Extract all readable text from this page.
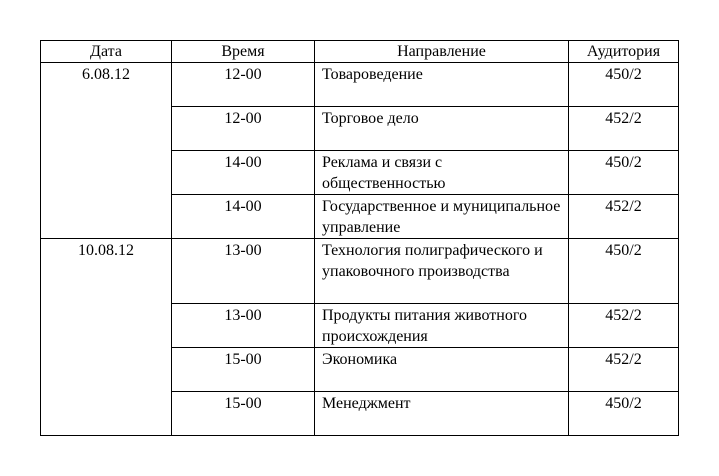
Дата	Время	Направление	Аудитория
6.08.12	12-00	Товароведение	450/2
	12-00	Торговое дело	452/2
	14-00	Реклама и связи с общественностью	450/2
	14-00	Государственное и муниципальное управление	452/2
10.08.12	13-00	Технология полиграфического и упаковочного производства	450/2
	13-00	Продукты питания животного происхождения	452/2
	15-00	Экономика	452/2
	15-00	Менеджмент	450/2
